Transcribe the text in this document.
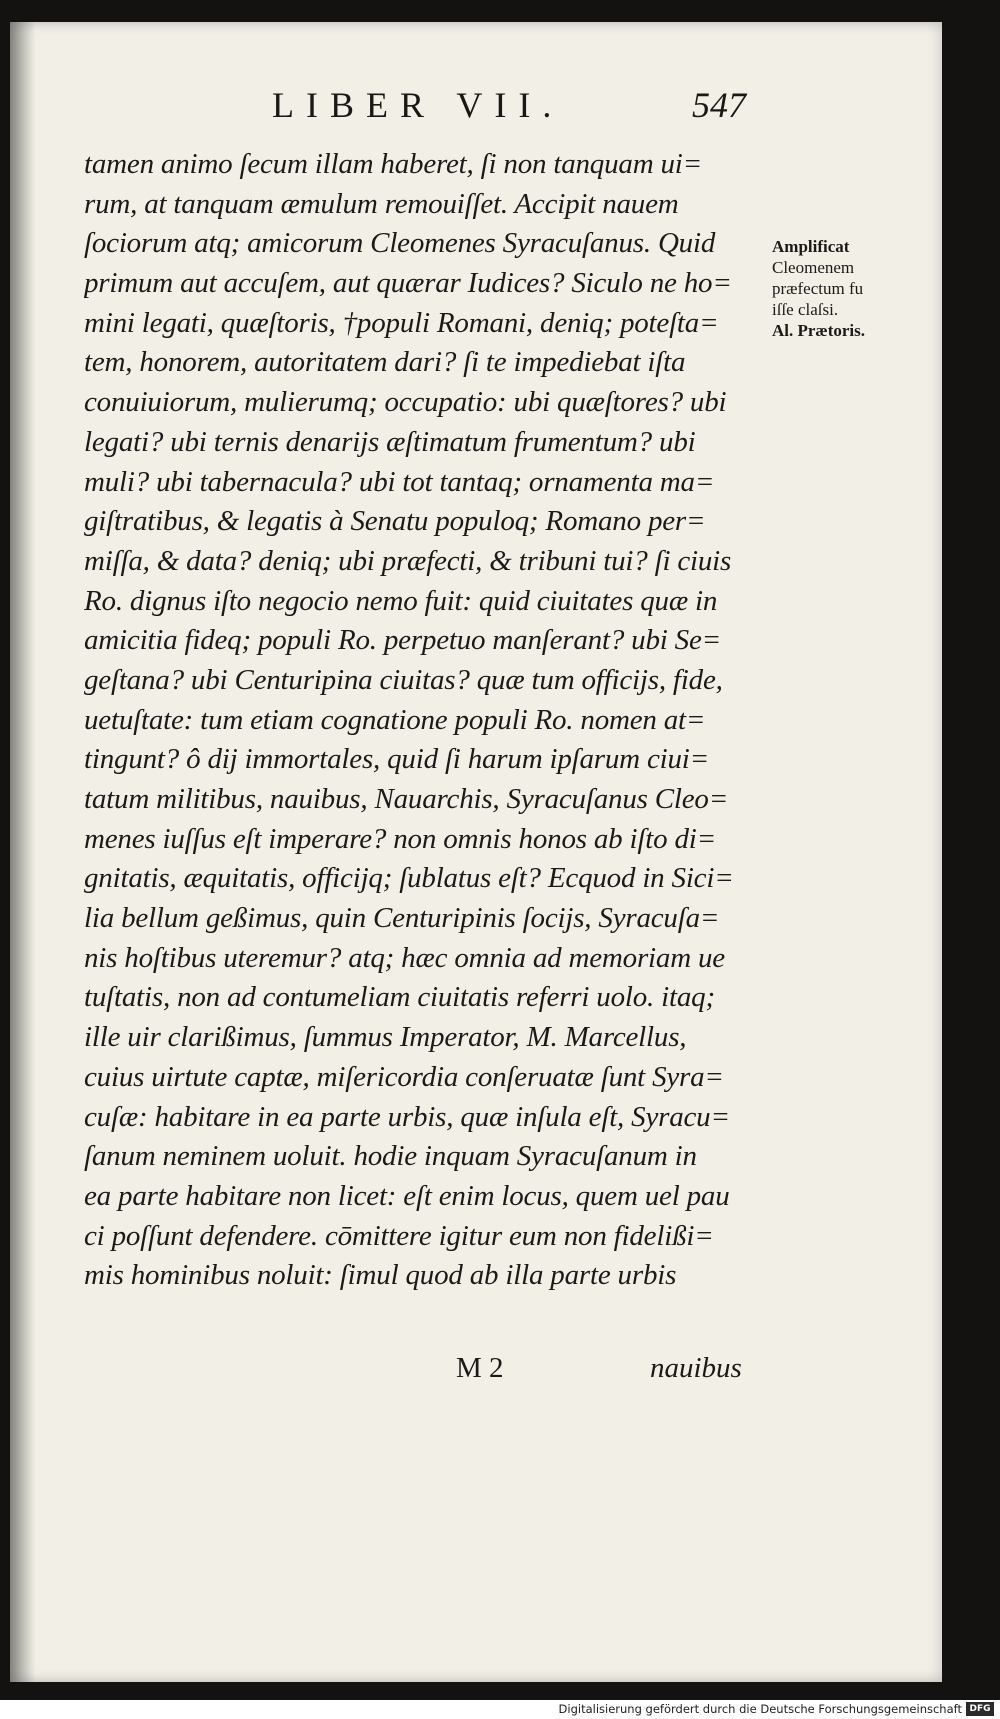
LIBER VII.	547
tamen animo ſecum illam haberet, ſi non tanquam ui=
rum, at tanquam æmulum remouiſſet. Accipit nauem
ſociorum atq; amicorum Cleomenes Syracuſanus. Quid
primum aut accuſem, aut quærar Iudices? Siculo ne ho=
mini legati, quæſtoris, †populi Romani, deniq; poteſta=
tem, honorem, autoritatem dari? ſi te impediebat iſta
conuiuiorum, mulierumq; occupatio: ubi quæſtores? ubi
legati? ubi ternis denarijs æſtimatum frumentum? ubi
muli? ubi tabernacula? ubi tot tantaq; ornamenta ma=
giſtratibus, & legatis à Senatu populoq; Romano per=
miſſa, & data? deniq; ubi præfecti, & tribuni tui? ſi ciuis
Ro. dignus iſto negocio nemo fuit: quid ciuitates quæ in
amicitia fideq; populi Ro. perpetuo manſerant? ubi Se=
geſtana? ubi Centuripina ciuitas? quæ tum officijs, fide,
uetuſtate: tum etiam cognatione populi Ro. nomen at=
tingunt? ô dij immortales, quid ſi harum ipſarum ciui=
tatum militibus, nauibus, Nauarchis, Syracuſanus Cleo=
menes iuſſus eſt imperare? non omnis honos ab iſto di=
gnitatis, æquitatis, officijq; ſublatus eſt? Ecquod in Sici=
lia bellum geßimus, quin Centuripinis ſocijs, Syracuſa=
nis hoſtibus uteremur? atq; hæc omnia ad memoriam ue
tuſtatis, non ad contumeliam ciuitatis referri uolo. itaq;
ille uir clarißimus, ſummus Imperator, M. Marcellus,
cuius uirtute captæ, miſericordia conſeruatæ ſunt Syra=
cuſæ: habitare in ea parte urbis, quæ inſula eſt, Syracu=
ſanum neminem uoluit. hodie inquam Syracuſanum in
ea parte habitare non licet: eſt enim locus, quem uel pau
ci poſſunt defendere. cōmittere igitur eum non fidelißi=
mis hominibus noluit: ſimul quod ab illa parte urbis
Amplificat
Cleomenem
præfectum fu
iſſe claſsi.
Al. Prætoris.
M 2	nauibus
Digitalisierung gefördert durch die Deutsche Forschungsgemeinschaft DFG
